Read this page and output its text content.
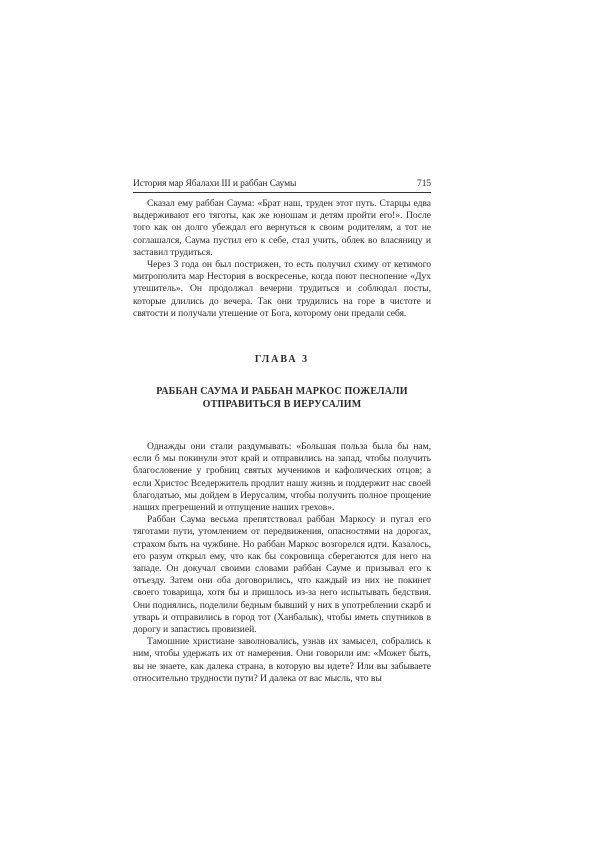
История мар Ябалахи III и раббан Саумы	715

Сказал ему раббан Саума: «Брат наш, труден этот путь. Старцы едва выдерживают его тяготы, как же юношам и детям пройти его!». После того как он долго убеждал его вернуться к своим родителям, а тот не соглашался, Саума пустил его к себе, стал учить, облек во власяницу и заставил трудиться.

Через 3 года он был пострижен, то есть получил схиму от кетимого митрополита мар Нестория в воскресенье, когда поют песнопение «Дух утешитель». Он продолжал вечерни трудиться и соблюдал посты, которые длились до вечера. Так они трудились на горе в чистоте и святости и получали утешение от Бога, которому они предали себя.

ГЛАВА 3
РАББАН САУМА И РАББАН МАРКОС ПОЖЕЛАЛИ
ОТПРАВИТЬСЯ В ИЕРУСАЛИМ

Однажды они стали раздумывать: «Большая польза была бы нам, если б мы покинули этот край и отправились на запад, чтобы получить благословение у гробниц святых мучеников и кафолических отцов; а если Христос Вседержитель продлит нашу жизнь и поддержит нас своей благодатью, мы дойдем в Иерусалим, чтобы получить полное прощение наших прегрешений и отпущение наших грехов».

Раббан Саума весьма препятствовал раббан Маркосу и пугал его тяготами пути, утомлением от передвижения, опасностями на дорогах, страхом быть на чужбине. Но раббан Маркос возгорелся идти. Казалось, его разум открыл ему, что как бы сокровища сберегаются для него на западе. Он докучал своими словами раббан Сауме и призывал его к отъезду. Затем они оба договорились, что каждый из них не покинет своего товарища, хотя бы и пришлось из-за него испытывать бедствия. Они поднялись, поделили бедным бывший у них в употреблении скарб и утварь и отправились в город тот (Ханбалык), чтобы иметь спутников в дорогу и запастись провизией.

Тамошние христиане заволновались, узнав их замысел, собрались к ним, чтобы удержать их от намерения. Они говорили им: «Может быть, вы не знаете, как далека страна, в которую вы идете? Или вы забываете относительно трудности пути? И далека от вас мысль, что вы
